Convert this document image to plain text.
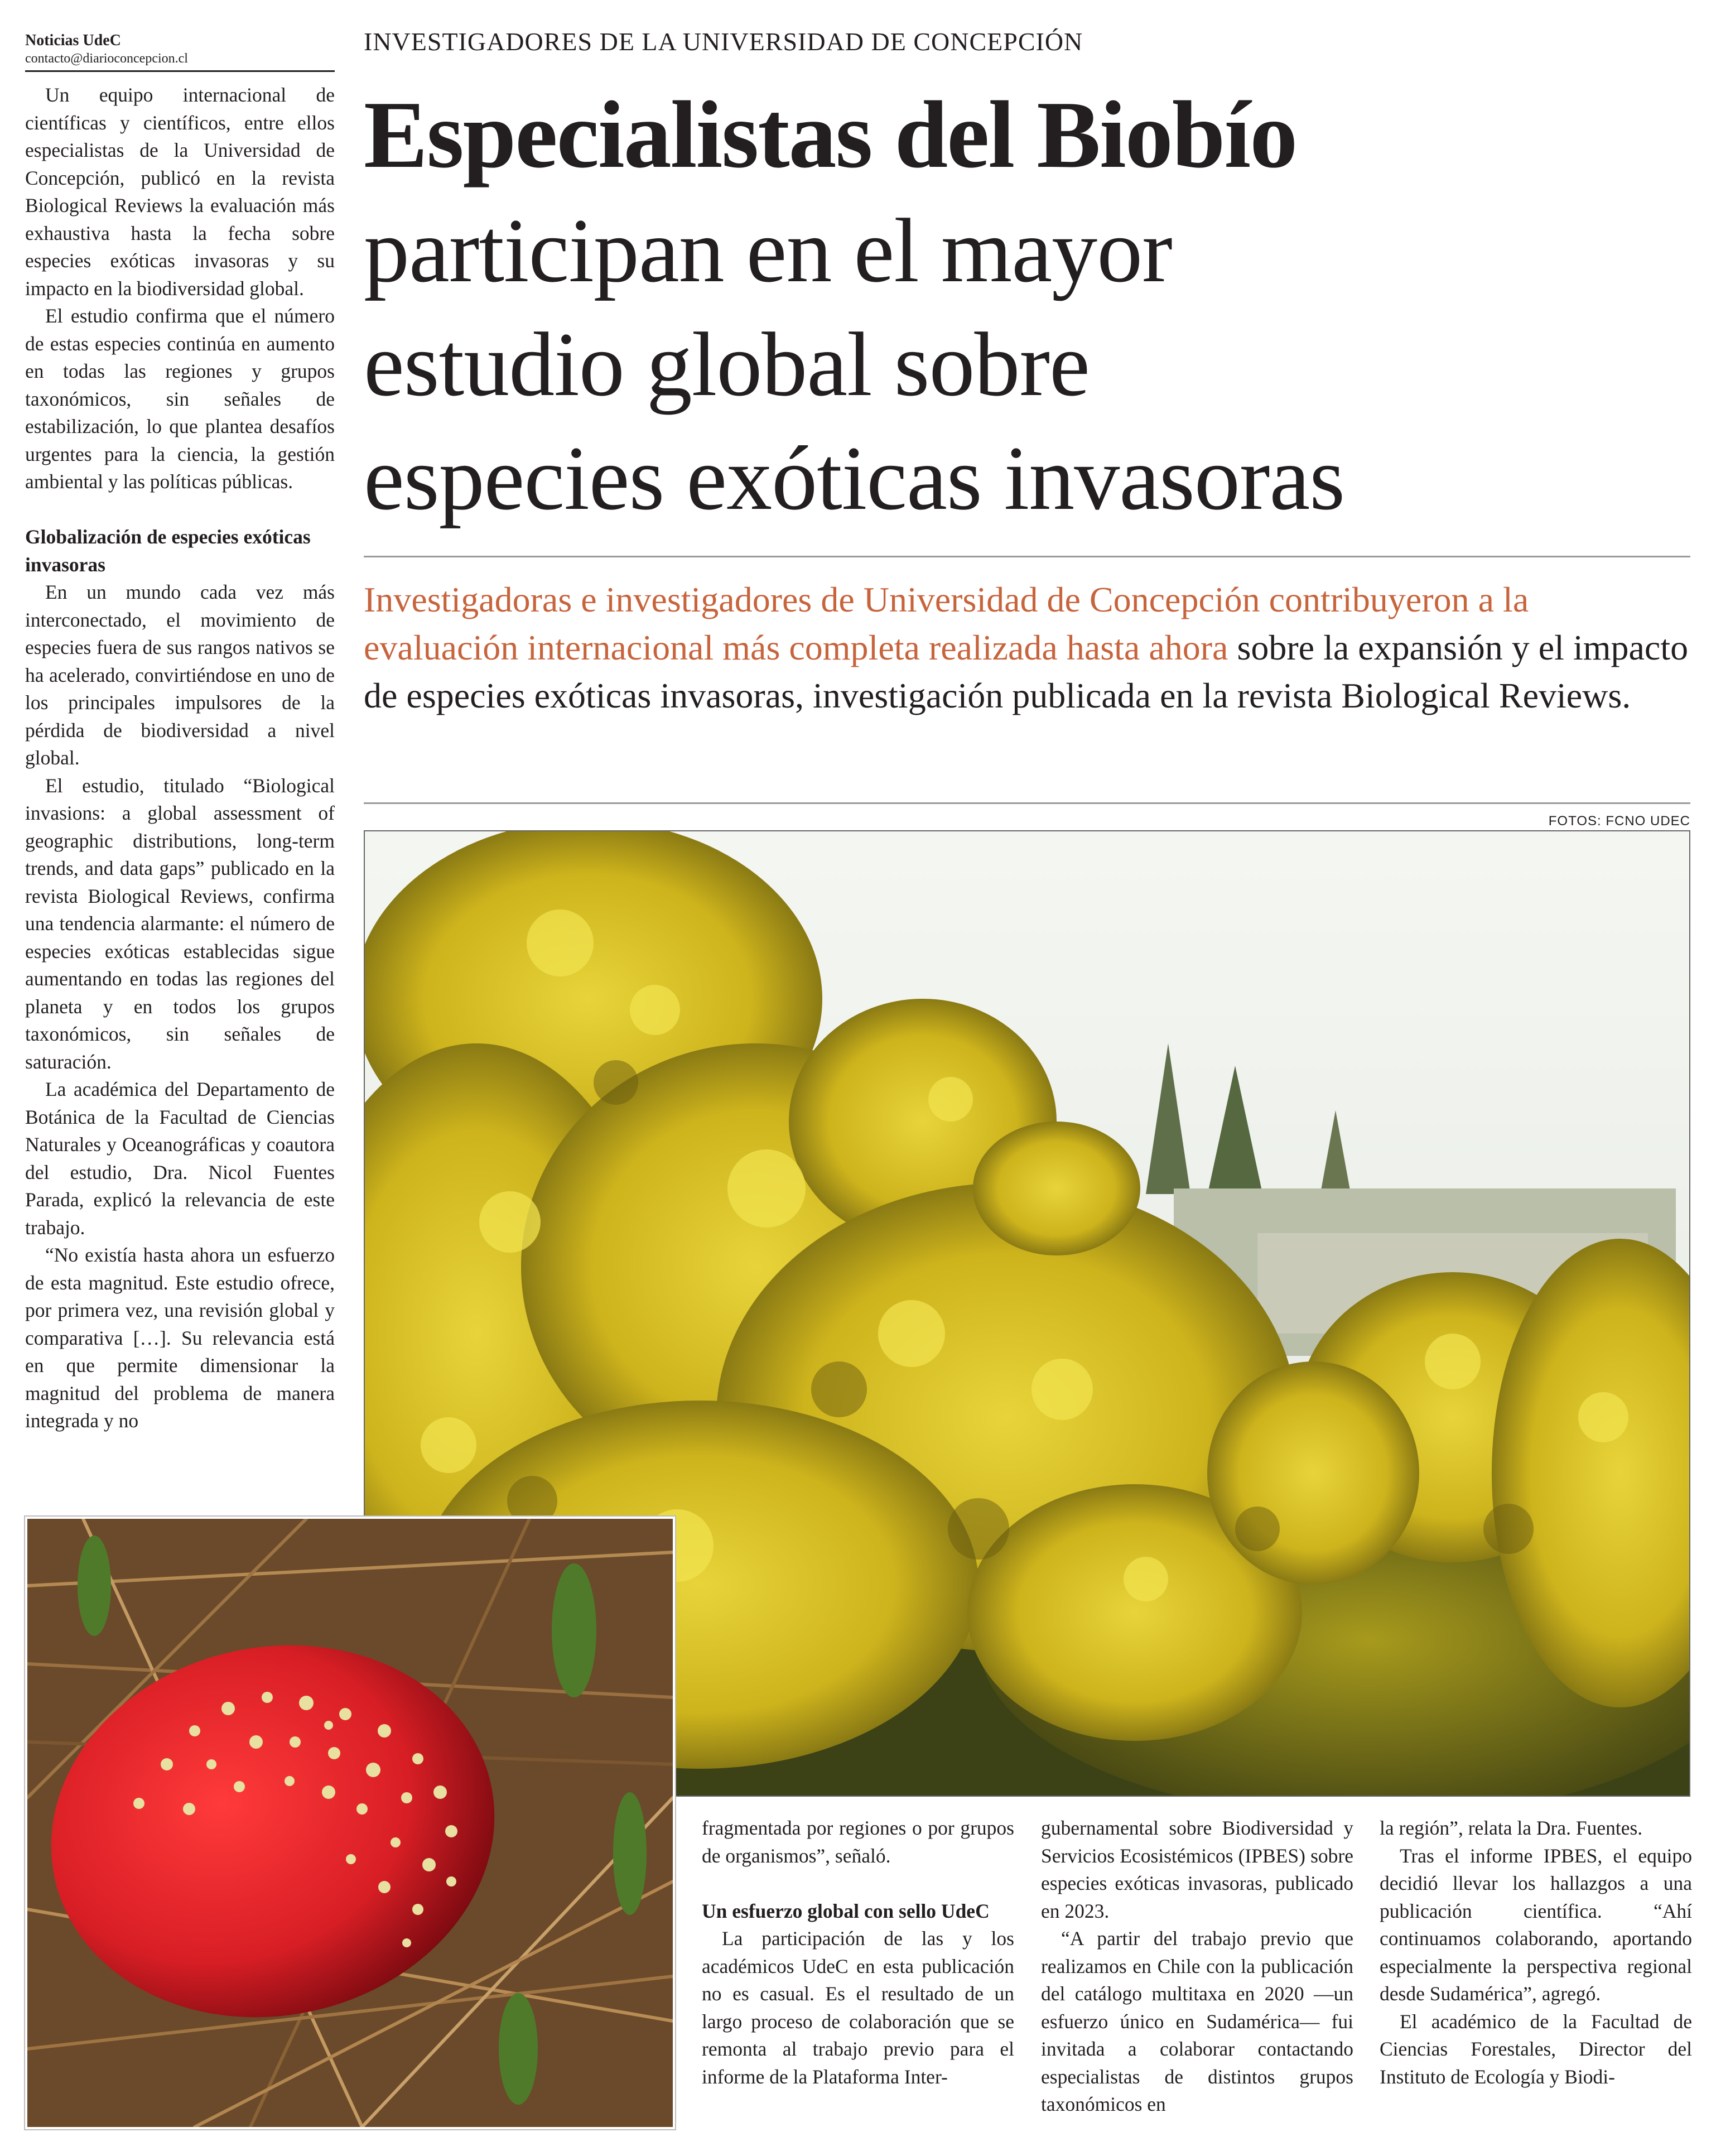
Noticias UdeC
contacto@diarioconcepcion.cl

Un equipo internacional de científicas y científicos, entre ellos especialistas de la Universidad de Concepción, publicó en la revista Biological Reviews la evaluación más exhaustiva hasta la fecha sobre especies exóticas invasoras y su impacto en la biodiversidad global.

El estudio confirma que el número de estas especies continúa en aumento en todas las regiones y grupos taxonómicos, sin señales de estabilización, lo que plantea desafíos urgentes para la ciencia, la gestión ambiental y las políticas públicas.

Globalización de especies exóticas invasoras

En un mundo cada vez más interconectado, el movimiento de especies fuera de sus rangos nativos se ha acelerado, convirtiéndose en uno de los principales impulsores de la pérdida de biodiversidad a nivel global.

El estudio, titulado “Biological invasions: a global assessment of geographic distributions, long-term trends, and data gaps” publicado en la revista Biological Reviews, confirma una tendencia alarmante: el número de especies exóticas establecidas sigue aumentando en todas las regiones del planeta y en todos los grupos taxonómicos, sin señales de saturación.

La académica del Departamento de Botánica de la Facultad de Ciencias Naturales y Oceanográficas y coautora del estudio, Dra. Nicol Fuentes Parada, explicó la relevancia de este trabajo.

“No existía hasta ahora un esfuerzo de esta magnitud. Este estudio ofrece, por primera vez, una revisión global y comparativa […]. Su relevancia está en que permite dimensionar la magnitud del problema de manera integrada y no

INVESTIGADORES DE LA UNIVERSIDAD DE CONCEPCIÓN
Especialistas del Biobío
participan en el mayor
estudio global sobre
especies exóticas invasoras
Investigadoras e investigadores de Universidad de Concepción contribuyeron a la evaluación internacional más completa realizada hasta ahora sobre la expansión y el impacto de especies exóticas invasoras, investigación publicada en la revista Biological Reviews.
FOTOS: FCNO UDEC

fragmentada por regiones o por grupos de organismos”, señaló.

Un esfuerzo global con sello UdeC

La participación de las y los académicos UdeC en esta publicación no es casual. Es el resultado de un largo proceso de colaboración que se remonta al trabajo previo para el informe de la Plataforma Inter-

gubernamental sobre Biodiversidad y Servicios Ecosistémicos (IPBES) sobre especies exóticas invasoras, publicado en 2023.

“A partir del trabajo previo que realizamos en Chile con la publicación del catálogo multitaxa en 2020 —un esfuerzo único en Sudamérica— fui invitada a colaborar contactando especialistas de distintos grupos taxonómicos en

la región”, relata la Dra. Fuentes.

Tras el informe IPBES, el equipo decidió llevar los hallazgos a una publicación científica. “Ahí continuamos colaborando, aportando especialmente la perspectiva regional desde Sudamérica”, agregó.

El académico de la Facultad de Ciencias Forestales, Director del Instituto de Ecología y Biodi-
